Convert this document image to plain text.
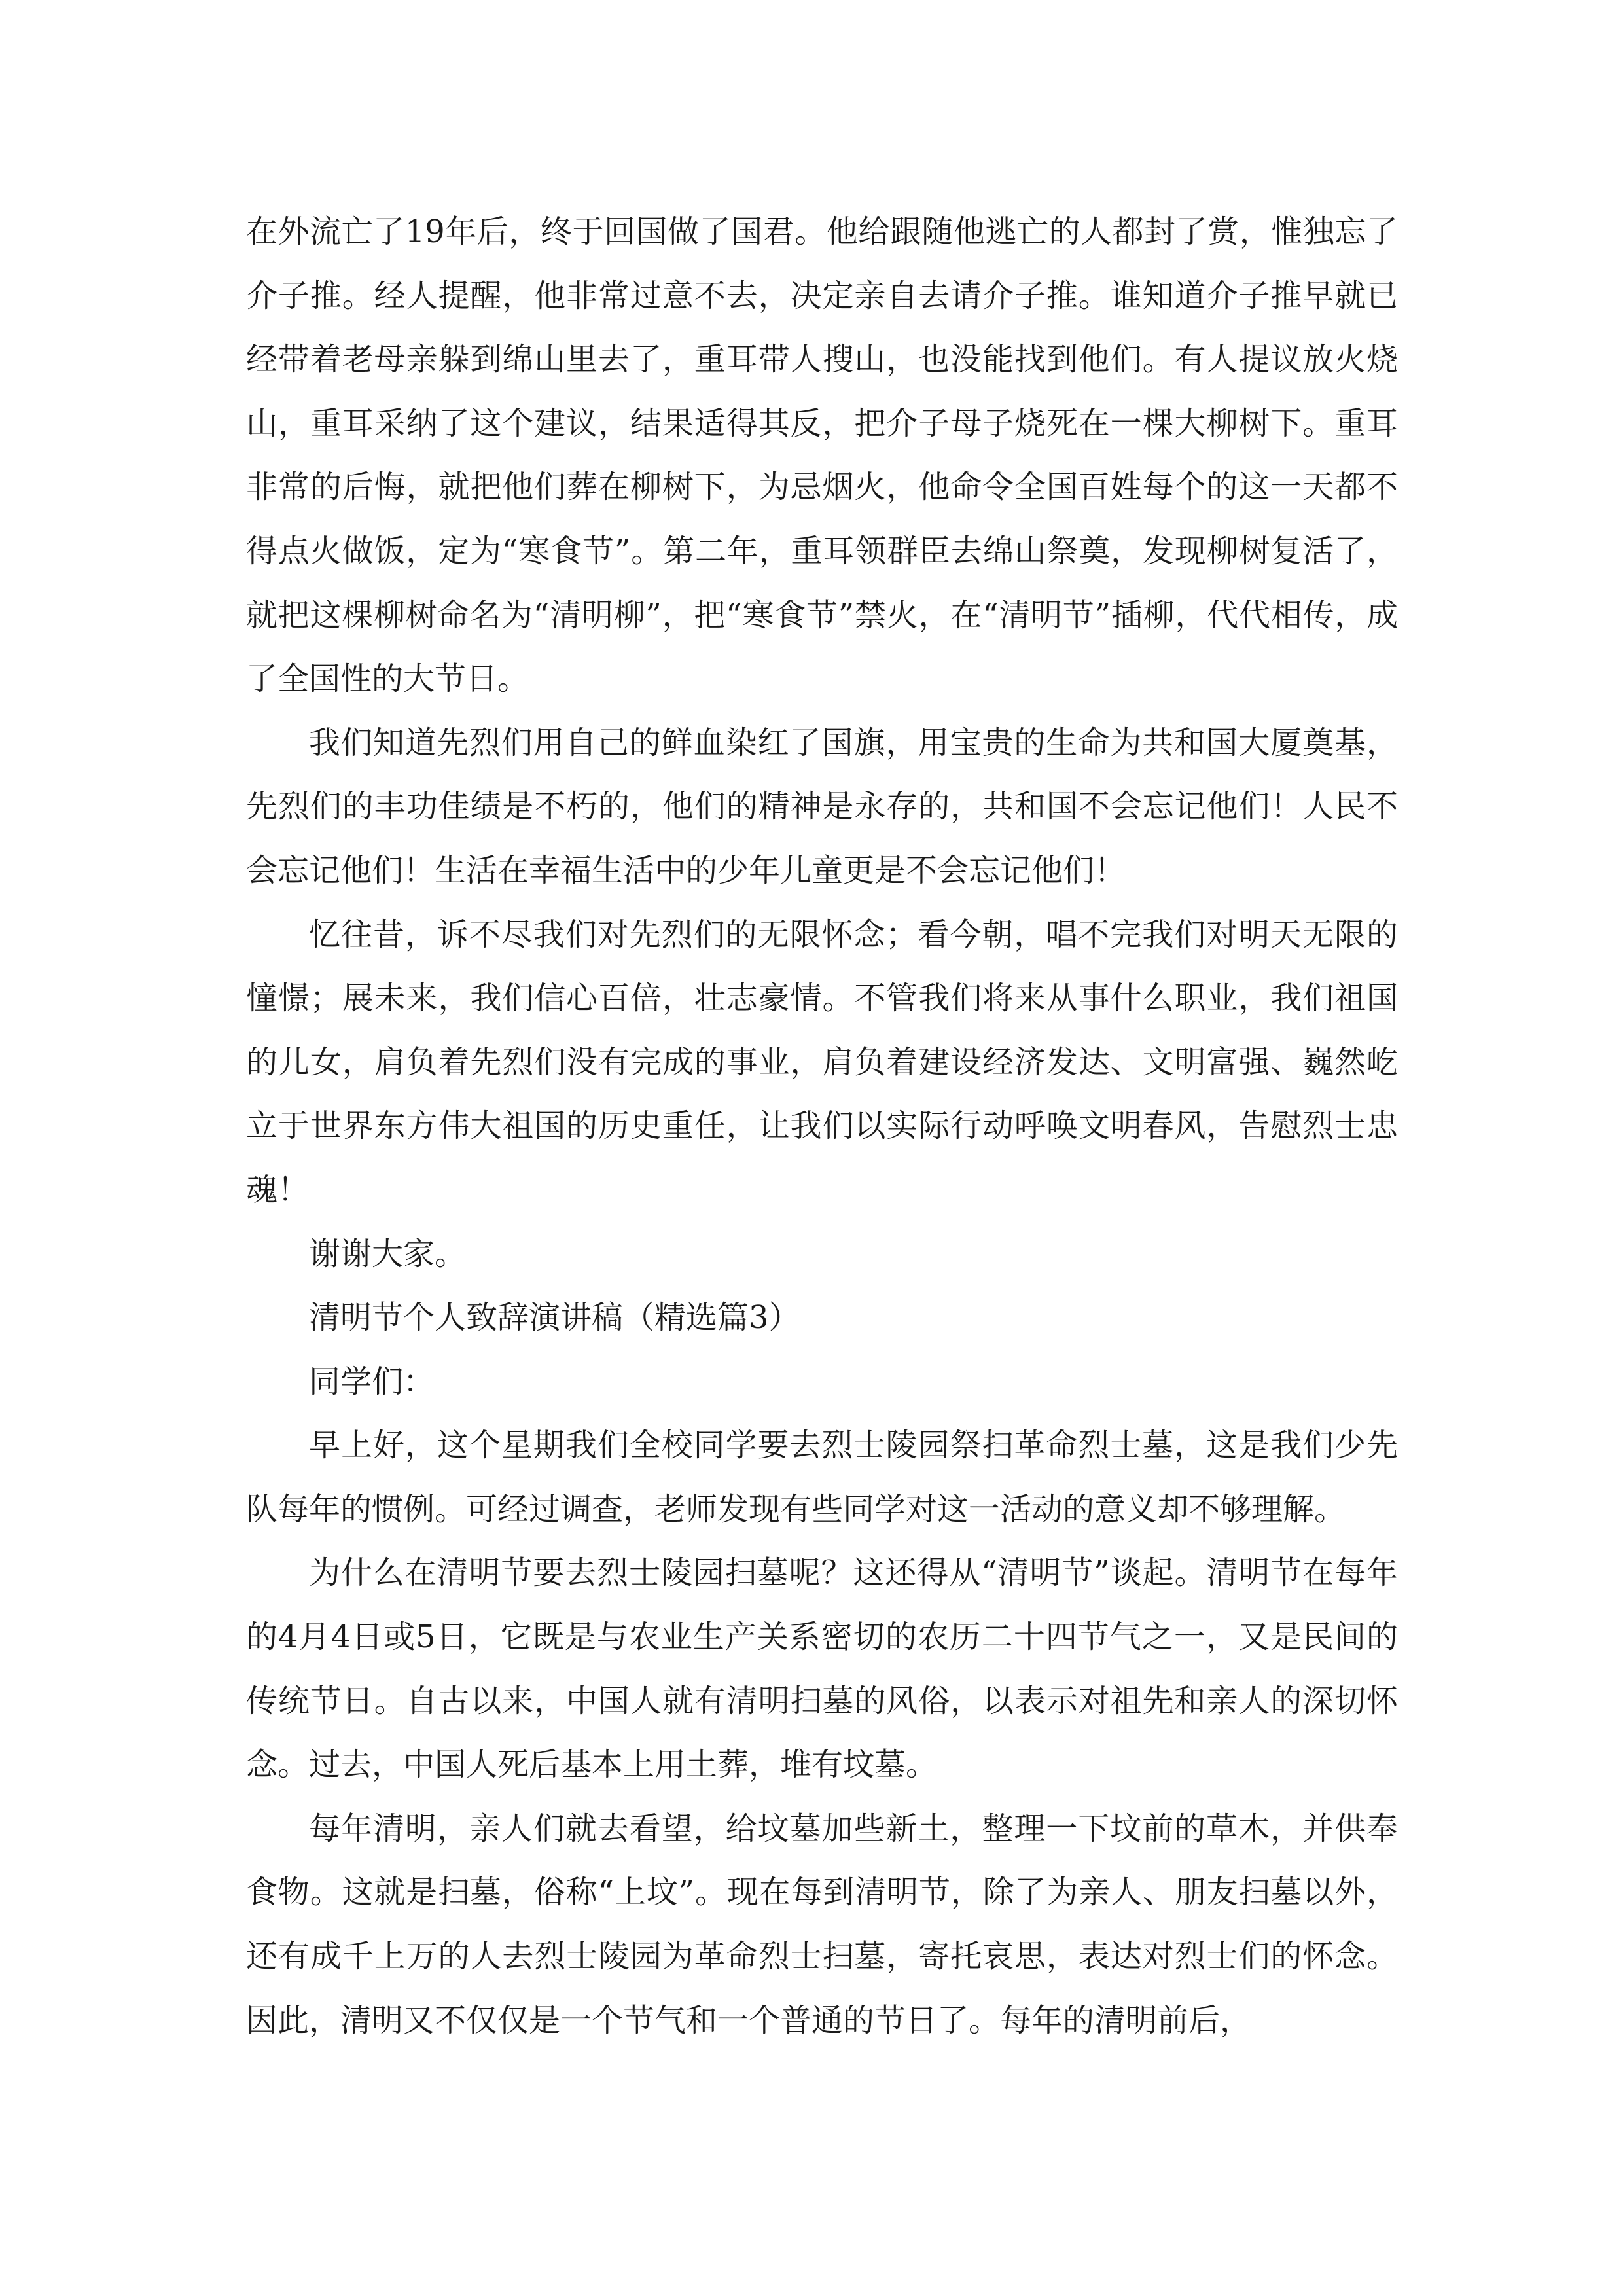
在外流亡了19年后，终于回国做了国君。他给跟随他逃亡的人都封了赏，惟独忘了介子推。经人提醒，他非常过意不去，决定亲自去请介子推。谁知道介子推早就已经带着老母亲躲到绵山里去了，重耳带人搜山，也没能找到他们。有人提议放火烧山，重耳采纳了这个建议，结果适得其反，把介子母子烧死在一棵大柳树下。重耳非常的后悔，就把他们葬在柳树下，为忌烟火，他命令全国百姓每个的这一天都不得点火做饭，定为“寒食节”。第二年，重耳领群臣去绵山祭奠，发现柳树复活了，就把这棵柳树命名为“清明柳”，把“寒食节”禁火，在“清明节”插柳，代代相传，成了全国性的大节日。

我们知道先烈们用自己的鲜血染红了国旗，用宝贵的生命为共和国大厦奠基，先烈们的丰功佳绩是不朽的，他们的精神是永存的，共和国不会忘记他们！人民不会忘记他们！生活在幸福生活中的少年儿童更是不会忘记他们！

忆往昔，诉不尽我们对先烈们的无限怀念；看今朝，唱不完我们对明天无限的憧憬；展未来，我们信心百倍，壮志豪情。不管我们将来从事什么职业，我们祖国的儿女，肩负着先烈们没有完成的事业，肩负着建设经济发达、文明富强、巍然屹立于世界东方伟大祖国的历史重任，让我们以实际行动呼唤文明春风，告慰烈士忠魂！

谢谢大家。

清明节个人致辞演讲稿（精选篇3）

同学们：

早上好，这个星期我们全校同学要去烈士陵园祭扫革命烈士墓，这是我们少先队每年的惯例。可经过调查，老师发现有些同学对这一活动的意义却不够理解。

为什么在清明节要去烈士陵园扫墓呢？这还得从“清明节”谈起。清明节在每年的4月4日或5日，它既是与农业生产关系密切的农历二十四节气之一，又是民间的传统节日。自古以来，中国人就有清明扫墓的风俗，以表示对祖先和亲人的深切怀念。过去，中国人死后基本上用土葬，堆有坟墓。

每年清明，亲人们就去看望，给坟墓加些新土，整理一下坟前的草木，并供奉食物。这就是扫墓，俗称“上坟”。现在每到清明节，除了为亲人、朋友扫墓以外，还有成千上万的人去烈士陵园为革命烈士扫墓，寄托哀思，表达对烈士们的怀念。因此，清明又不仅仅是一个节气和一个普通的节日了。每年的清明前后，
